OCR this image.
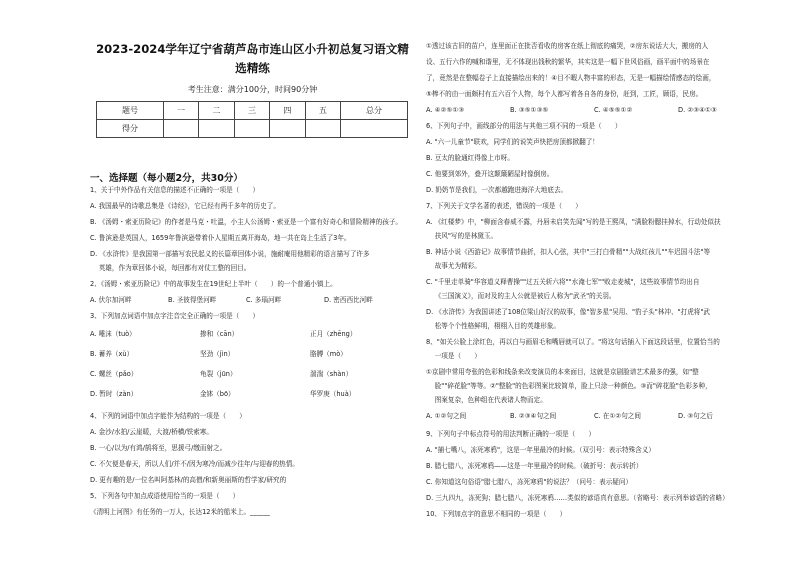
2023-2024学年辽宁省葫芦岛市连山区小升初总复习语文精
选精练
考生注意：满分100分，时间90分钟
题号	一	二	三	四	五	总分
得分						
一、选择题（每小题2分，共30分）
1、关于中外作品有关信息的描述不正确的一项是（　　）
A. 我国最早的诗歌总集是《诗经》，它已经有两千多年的历史了。
B. 《汤姆・索亚历险记》的作者是马克・吐温，小主人公汤姆・索亚是一个富有好奇心和冒险精神的孩子。
C. 鲁滨逊是英国人，1659年鲁滨逊带着仆人星期五离开海岛，地一共在岛上生活了3年。
D. 《水浒传》是我国第一部描写农民起义的长篇章回体小说，施耐庵用他精彩的语言描写了许多
　 英雄，作为章回体小说，每回都有对仗工整的回目。
2、《汤姆・索亚历险记》中的故事发生在19世纪上半叶（　　）的一个普通小镇上。
A. 伏尔加河畔	B. 圣彼得堡河畔	C. 多瑙河畔	D. 密西西比河畔
3、下列加点词语中加点字注音完全正确的一项是（　　）
A. 唾沫（tuò）	掺和（cān）	正月（zhēng）
B. 蓄养（xù）	坚劲（jìn）	胳膊（mò）
C. 螺丝（pǎo）	龟裂（jūn）	湍湍（shàn）
D. 暂时（zàn）	金钵（bō）	华罗庚（huà）
4、下列的词语中加点字能作为结构的一项是（　　）
A. 金沙/水拍/云崖暖，大渡/桥横/铁索寒。
B. 一心/以为/有鸿/鹄将至，思援弓/缴而射之。
C. 不欠便是春天，所以人们/并不/因为寒冷/而减少往年/与迎春的热情。
D. 更有趣的是/一位名叫阿基林/的高僧/和新奥丽斯的哲学家/研究的
5、下列各句中加点成语使用恰当的一项是（　　）
《清明上河图》有任务的一万人，长达12米的船米上。______
①透过该古旧的苗户，连里面正在批否看收的房客在纸上彻底的痛哭，②房东说话大大，搬房的人
设、五行六作的喊和谐里，无不体现出钱秋的繁华，其实这是一幅下世风俗画，画平面中的场景在
了，竟然是在整幅卷子上直接描绘出来的！④目不暇人物丰富的形态，无是一幅描绘情感态的绘画，
⑤棒不的由一面颇村有五六百个人物，每个人都写着各自各的身份，赶到，工匠，顾语，民房。
A. ④②⑤①③	B. ③⑤①③⑤	C. ④⑤⑤①②	D. ②③④①③
6、下列句子中，画线部分的用法与其他三项不同的一项是（　　）
A. "六一儿童节"联欢，同学们的说笑声快把房顶都掀翻了！
B. 豆太的脸通红得像上市呀。
C. 他要到郊外，叠开这颠簸陋屋时像倒房。
D. 奶奶节是我们，一次都越跑进海洋大地底去。
7、下列关于文学名著的表述，错误的一项是（　　）
A. 《红楼梦》中，"柳面含春威不露，丹唇未启笑先闻"写的是王熙凤，"满脸粉腮挂掉水，行动处似扶
　 扶风"写的是林黛玉。
B. 神话小说《西游记》故事情节曲折，扣人心弦，其中"三打白骨精""大战红孩儿""车迟国斗法"等
　 故事尤为精彩。
C. "千里走单骑"华容道义释曹操""过五关斩六将""水淹七军""败走麦城"，这些故事情节均出自
　 《三国演义》，而对及的主人公就是被后人称为"武圣"的关羽。
D. 《水浒传》为我国讲述了108位梁山好汉的故事，像"智多星"吴用、"豹子头"林冲、"打虎将"武
　 松等个个性格鲜明，栩栩入目的英雄形象。
8、"如关公脸上涂红色，再以白与画眉毛和嘴唇就可以了。"将这句话插入下面这段话里，位置恰当的
　 一项是（　　）
①京剧中常用夸张的色彩和线条来改变演员的本来面目，这就是京剧脸谱艺术最多的强，如"整
　 脸""碎花脸"等等。②"整脸"的色彩图案比较简单，脸上只涂一种颜色。③而"碎花脸"色彩多种，
　 图案复杂，色种组在代表诸人物而定。
A. ①②句之间	B. ②③④句之间	C. 在①②句之间	D. ③句之后
9、下列句子中标点符号的用法判断正确的一项是（　　）
A. "捕七嘴八，冻死寒鸦"，这是一年里最冷的时候。（双引号：表示特殊含义）
B. 腊七腊八，冻死寒鸦——这是一年里最冷的时候。（破折号：表示转折）
C. 你知道这句俗语"腊七腊八，冻死寒鸦"的说法？（问号：表示疑问）
D. 三九四九，冻死狗；腊七腊八，冻死寒鸦……类似的谚语真有意思。（省略号：表示列举谚语的省略）
10、下列加点字的意思不相同的一项是（　　）
